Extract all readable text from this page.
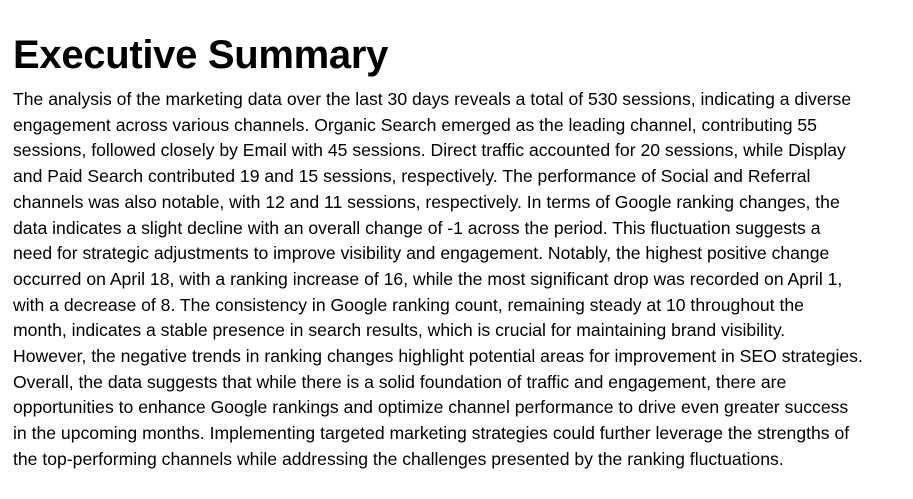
Executive Summary

The analysis of the marketing data over the last 30 days reveals a total of 530 sessions, indicating a diverse
engagement across various channels. Organic Search emerged as the leading channel, contributing 55
sessions, followed closely by Email with 45 sessions. Direct traffic accounted for 20 sessions, while Display
and Paid Search contributed 19 and 15 sessions, respectively. The performance of Social and Referral
channels was also notable, with 12 and 11 sessions, respectively. In terms of Google ranking changes, the
data indicates a slight decline with an overall change of -1 across the period. This fluctuation suggests a
need for strategic adjustments to improve visibility and engagement. Notably, the highest positive change
occurred on April 18, with a ranking increase of 16, while the most significant drop was recorded on April 1,
with a decrease of 8. The consistency in Google ranking count, remaining steady at 10 throughout the
month, indicates a stable presence in search results, which is crucial for maintaining brand visibility.
However, the negative trends in ranking changes highlight potential areas for improvement in SEO strategies.
Overall, the data suggests that while there is a solid foundation of traffic and engagement, there are
opportunities to enhance Google rankings and optimize channel performance to drive even greater success
in the upcoming months. Implementing targeted marketing strategies could further leverage the strengths of
the top-performing channels while addressing the challenges presented by the ranking fluctuations.
